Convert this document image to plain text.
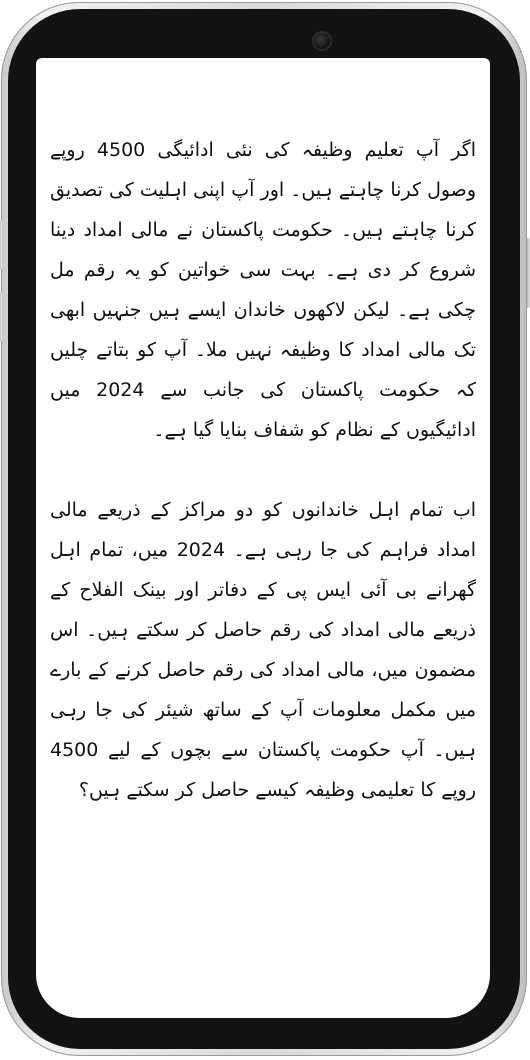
اگر آپ تعلیم وظیفہ کی نئی ادائیگی 4500 روپے وصول کرنا چاہتے ہیں۔ اور آپ اپنی اہلیت کی تصدیق کرنا چاہتے ہیں۔ حکومت پاکستان نے مالی امداد دینا شروع کر دی ہے۔ بہت سی خواتین کو یہ رقم مل چکی ہے۔ لیکن لاکھوں خاندان ایسے ہیں جنہیں ابھی تک مالی امداد کا وظیفہ نہیں ملا۔ آپ کو بتاتے چلیں کہ حکومت پاکستان کی جانب سے 2024 میں ادائیگیوں کے نظام کو شفاف بنایا گیا ہے۔

اب تمام اہل خاندانوں کو دو مراکز کے ذریعے مالی امداد فراہم کی جا رہی ہے۔ 2024 میں، تمام اہل گھرانے بی آئی ایس پی کے دفاتر اور بینک الفلاح کے ذریعے مالی امداد کی رقم حاصل کر سکتے ہیں۔ اس مضمون میں، مالی امداد کی رقم حاصل کرنے کے بارے میں مکمل معلومات آپ کے ساتھ شیئر کی جا رہی ہیں۔ آپ حکومت پاکستان سے بچوں کے لیے 4500 روپے کا تعلیمی وظیفہ کیسے حاصل کر سکتے ہیں؟
